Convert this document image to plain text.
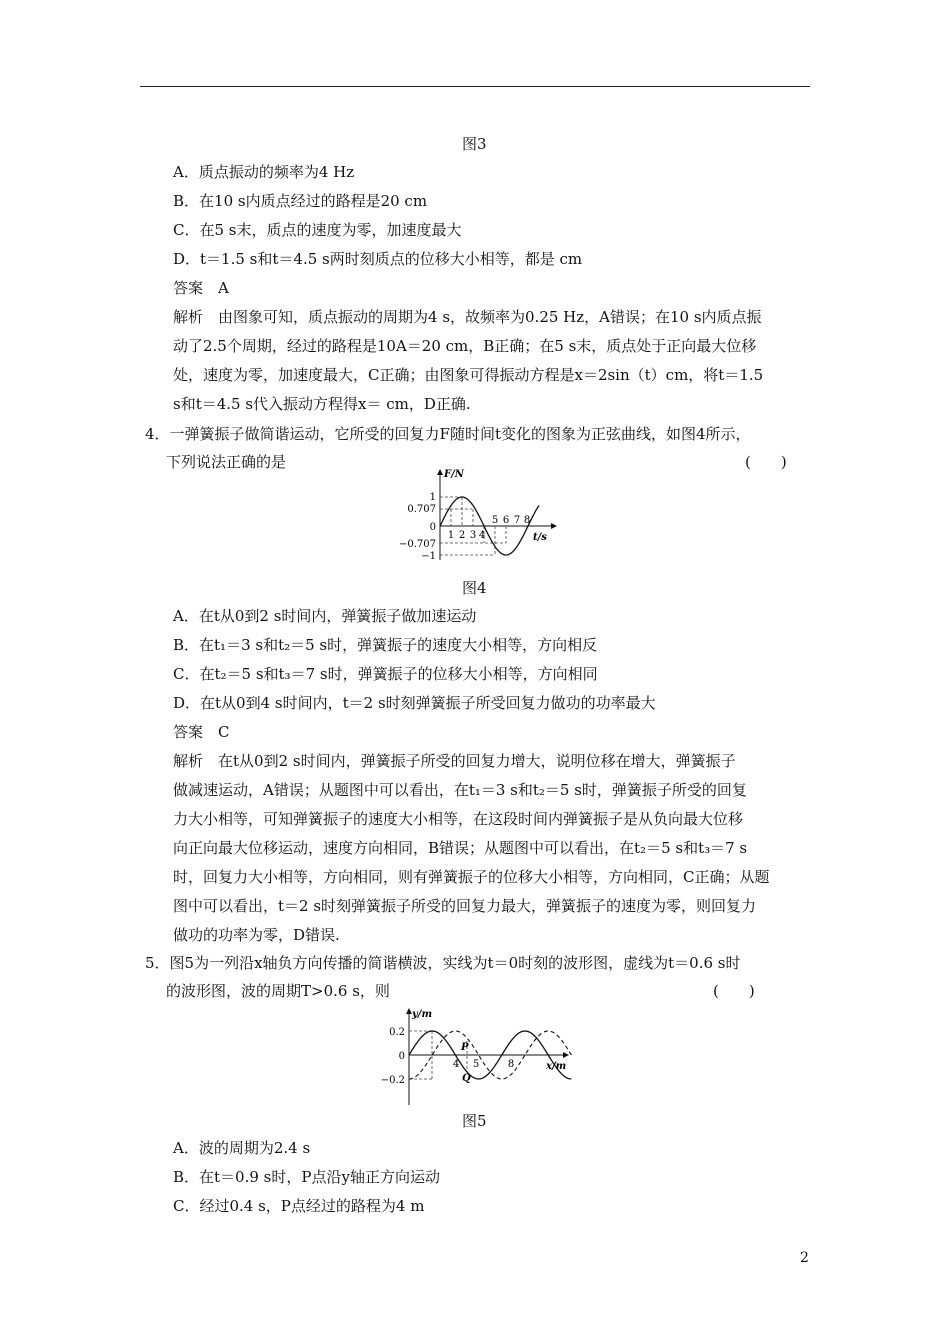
图3
A．质点振动的频率为4 Hz
B．在10 s内质点经过的路程是20 cm
C．在5 s末，质点的速度为零，加速度最大
D．t＝1.5 s和t＝4.5 s两时刻质点的位移大小相等，都是 cm
答案　A
解析　由图象可知，质点振动的周期为4 s，故频率为0.25 Hz，A错误；在10 s内质点振
动了2.5个周期，经过的路程是10A＝20 cm，B正确；在5 s末，质点处于正向最大位移
处，速度为零，加速度最大，C正确；由图象可得振动方程是x＝2sin（t）cm，将t＝1.5
s和t＝4.5 s代入振动方程得x＝ cm，D正确.
4．一弹簧振子做简谐运动，它所受的回复力F随时间t变化的图象为正弦曲线，如图4所示，
下列说法正确的是	(　　)
F/N
t/s
1
0.707
0
−0.707
−1
1 2 3 4
5 6 7 8
图4
A．在t从0到2 s时间内，弹簧振子做加速运动
B．在t₁＝3 s和t₂＝5 s时，弹簧振子的速度大小相等，方向相反
C．在t₂＝5 s和t₃＝7 s时，弹簧振子的位移大小相等，方向相同
D．在t从0到4 s时间内，t＝2 s时刻弹簧振子所受回复力做功的功率最大
答案　C
解析　在t从0到2 s时间内，弹簧振子所受的回复力增大，说明位移在增大，弹簧振子
做减速运动，A错误；从题图中可以看出，在t₁＝3 s和t₂＝5 s时，弹簧振子所受的回复
力大小相等，可知弹簧振子的速度大小相等，在这段时间内弹簧振子是从负向最大位移
向正向最大位移运动，速度方向相同，B错误；从题图中可以看出，在t₂＝5 s和t₃＝7 s
时，回复力大小相等，方向相同，则有弹簧振子的位移大小相等，方向相同，C正确；从题
图中可以看出，t＝2 s时刻弹簧振子所受的回复力最大，弹簧振子的速度为零，则回复力
做功的功率为零，D错误.
5．图5为一列沿x轴负方向传播的简谐横波，实线为t＝0时刻的波形图，虚线为t＝0.6 s时
的波形图，波的周期T>0.6 s，则	(　　)
y/m
x/m
0.2
0
−0.2
4 5	8
P
Q
图5
A．波的周期为2.4 s
B．在t＝0.9 s时，P点沿y轴正方向运动
C．经过0.4 s，P点经过的路程为4 m
2
